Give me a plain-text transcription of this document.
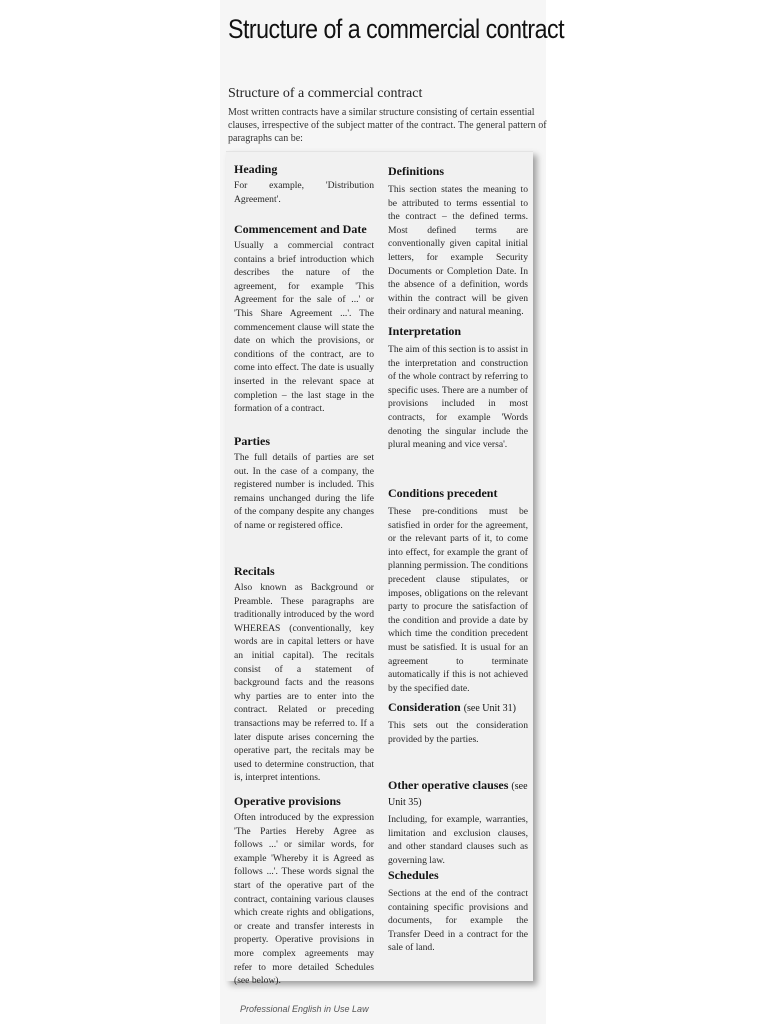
Structure of a commercial contract
Structure of a commercial contract
Most written contracts have a similar structure consisting of certain essential clauses, irrespective of the subject matter of the contract. The general pattern of paragraphs can be:
Heading

For example, 'Distribution Agreement'.

Commencement and Date

Usually a commercial contract contains a brief introduction which describes the nature of the agreement, for example 'This Agreement for the sale of ...' or 'This Share Agreement ...'. The commencement clause will state the date on which the provisions, or conditions of the contract, are to come into effect. The date is usually inserted in the relevant space at completion – the last stage in the formation of a contract.

Parties

The full details of parties are set out. In the case of a company, the registered number is included. This remains unchanged during the life of the company despite any changes of name or registered office.

Recitals

Also known as Background or Preamble. These paragraphs are traditionally introduced by the word WHEREAS (conventionally, key words are in capital letters or have an initial capital). The recitals consist of a statement of background facts and the reasons why parties are to enter into the contract. Related or preceding transactions may be referred to. If a later dispute arises concerning the operative part, the recitals may be used to determine construction, that is, interpret intentions.

Operative provisions

Often introduced by the expression 'The Parties Hereby Agree as follows ...' or similar words, for example 'Whereby it is Agreed as follows ...'. These words signal the start of the operative part of the contract, containing various clauses which create rights and obligations, or create and transfer interests in property. Operative provisions in more complex agreements may refer to more detailed Schedules (see below).

Definitions

This section states the meaning to be attributed to terms essential to the contract – the defined terms. Most defined terms are conventionally given capital initial letters, for example Security Documents or Completion Date. In the absence of a definition, words within the contract will be given their ordinary and natural meaning.

Interpretation

The aim of this section is to assist in the interpretation and construction of the whole contract by referring to specific uses. There are a number of provisions included in most contracts, for example 'Words denoting the singular include the plural meaning and vice versa'.

Conditions precedent

These pre-conditions must be satisfied in order for the agreement, or the relevant parts of it, to come into effect, for example the grant of planning permission. The conditions precedent clause stipulates, or imposes, obligations on the relevant party to procure the satisfaction of the condition and provide a date by which time the condition precedent must be satisfied. It is usual for an agreement to terminate automatically if this is not achieved by the specified date.

Consideration (see Unit 31)

This sets out the consideration provided by the parties.

Other operative clauses (see Unit 35)

Including, for example, warranties, limitation and exclusion clauses, and other standard clauses such as governing law.

Schedules

Sections at the end of the contract containing specific provisions and documents, for example the Transfer Deed in a contract for the sale of land.

Professional English in Use Law
